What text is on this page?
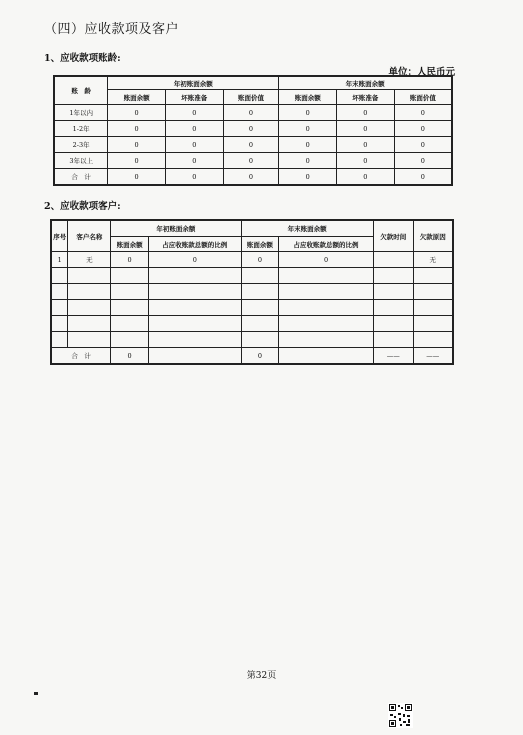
（四）应收款项及客户
1、应收款项账龄:
单位：人民币元
账　龄	年初账面余额			年末账面余额		
	账面余额	坏账准备	账面价值	账面余额	坏账准备	账面价值
1年以内	0	0	0	0	0	0
1-2年	0	0	0	0	0	0
2-3年	0	0	0	0	0	0
3年以上	0	0	0	0	0	0
合　计	0	0	0	0	0	0
2、应收款项客户:
序号	客户名称	年初账面余额		年末账面余额		欠款时间	欠款原因
		账面余额	占应收账款总额的比例	账面余额	占应收账款总额的比例		
1	无	0	0	0	0		无

合　计		0		0		——	——
第32页
